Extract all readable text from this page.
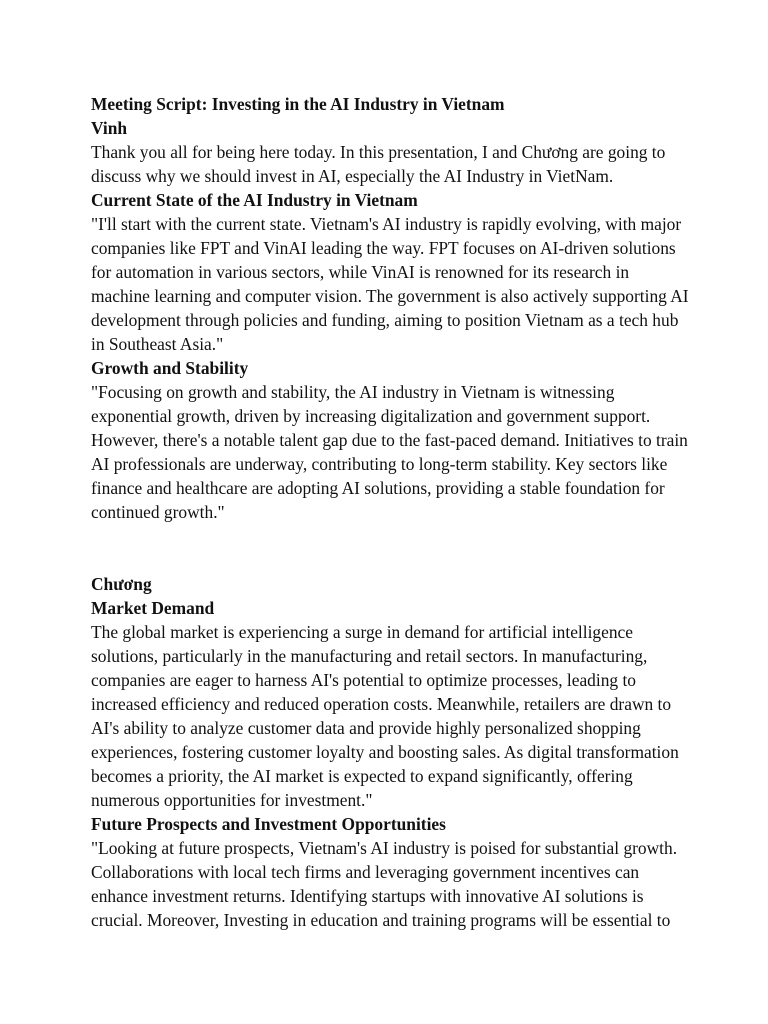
Meeting Script: Investing in the AI Industry in Vietnam

Vinh

Thank you all for being here today. In this presentation, I and Chương are going to discuss why we should invest in AI, especially the AI Industry in VietNam.

Current State of the AI Industry in Vietnam

"I'll start with the current state. Vietnam's AI industry is rapidly evolving, with major companies like FPT and VinAI leading the way. FPT focuses on AI-driven solutions for automation in various sectors, while VinAI is renowned for its research in machine learning and computer vision. The government is also actively supporting AI development through policies and funding, aiming to position Vietnam as a tech hub in Southeast Asia."

Growth and Stability

"Focusing on growth and stability, the AI industry in Vietnam is witnessing exponential growth, driven by increasing digitalization and government support. However, there's a notable talent gap due to the fast-paced demand. Initiatives to train AI professionals are underway, contributing to long-term stability. Key sectors like finance and healthcare are adopting AI solutions, providing a stable foundation for continued growth."

Chương

Market Demand

The global market is experiencing a surge in demand for artificial intelligence solutions, particularly in the manufacturing and retail sectors. In manufacturing, companies are eager to harness AI's potential to optimize processes, leading to increased efficiency and reduced operation costs. Meanwhile, retailers are drawn to AI's ability to analyze customer data and provide highly personalized shopping experiences, fostering customer loyalty and boosting sales. As digital transformation becomes a priority, the AI market is expected to expand significantly, offering numerous opportunities for investment."

Future Prospects and Investment Opportunities

"Looking at future prospects, Vietnam's AI industry is poised for substantial growth. Collaborations with local tech firms and leveraging government incentives can enhance investment returns. Identifying startups with innovative AI solutions is crucial. Moreover, Investing in education and training programs will be essential to
